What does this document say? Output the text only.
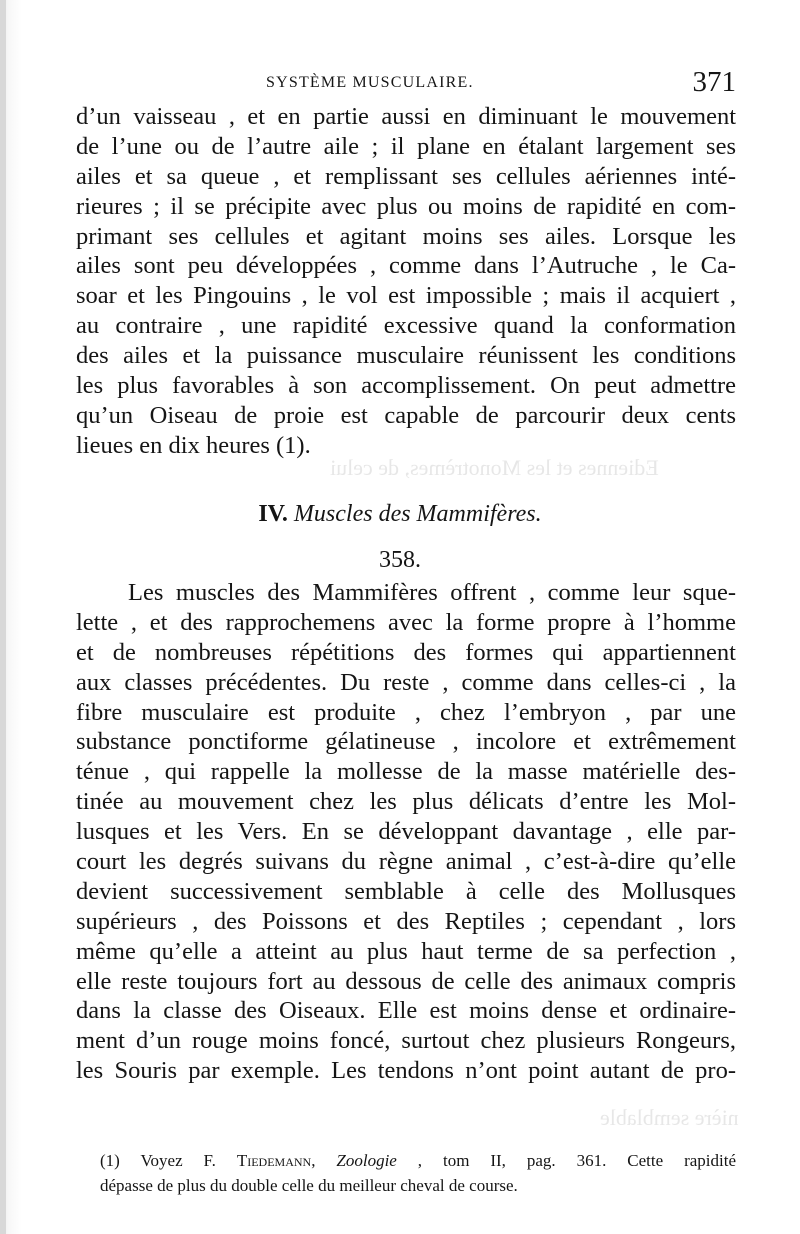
Ediennes et les Monotrèmes, de celui
nière semblable
SYSTÈME MUSCULAIRE.	371
d’un vaisseau , et en partie aussi en diminuant le mouvement
de l’une ou de l’autre aile ; il plane en étalant largement ses
ailes et sa queue , et remplissant ses cellules aériennes inté-
rieures ; il se précipite avec plus ou moins de rapidité en com-
primant ses cellules et agitant moins ses ailes. Lorsque les
ailes sont peu développées , comme dans l’Autruche , le Ca-
soar et les Pingouins , le vol est impossible ; mais il acquiert ,
au contraire , une rapidité excessive quand la conformation
des ailes et la puissance musculaire réunissent les conditions
les plus favorables à son accomplissement. On peut admettre
qu’un Oiseau de proie est capable de parcourir deux cents
lieues en dix heures (1).
IV. Muscles des Mammifères.
358.
Les muscles des Mammifères offrent , comme leur sque-
lette , et des rapprochemens avec la forme propre à l’homme
et de nombreuses répétitions des formes qui appartiennent
aux classes précédentes. Du reste , comme dans celles-ci , la
fibre musculaire est produite , chez l’embryon , par une
substance ponctiforme gélatineuse , incolore et extrêmement
ténue , qui rappelle la mollesse de la masse matérielle des-
tinée au mouvement chez les plus délicats d’entre les Mol-
lusques et les Vers. En se développant davantage , elle par-
court les degrés suivans du règne animal , c’est-à-dire qu’elle
devient successivement semblable à celle des Mollusques
supérieurs , des Poissons et des Reptiles ; cependant , lors
même qu’elle a atteint au plus haut terme de sa perfection ,
elle reste toujours fort au dessous de celle des animaux compris
dans la classe des Oiseaux. Elle est moins dense et ordinaire-
ment d’un rouge moins foncé, surtout chez plusieurs Rongeurs,
les Souris par exemple. Les tendons n’ont point autant de pro-
(1) Voyez F. Tiedemann, Zoologie , tom II, pag. 361. Cette rapidité
dépasse de plus du double celle du meilleur cheval de course.
